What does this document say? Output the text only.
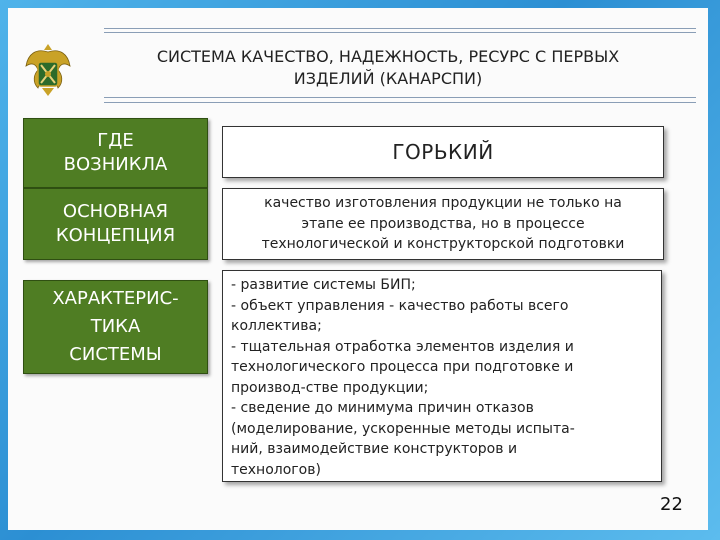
СИСТЕМА КАЧЕСТВО, НАДЕЖНОСТЬ, РЕСУРС С ПЕРВЫХ
ИЗДЕЛИЙ (КАНАРСПИ)
ГДЕ
ВОЗНИКЛА
ГОРЬКИЙ
ОСНОВНАЯ
КОНЦЕПЦИЯ
качество изготовления продукции не только на
этапе ее производства, но в процессе
технологической и конструкторской подготовки
ХАРАКТЕРИС-
ТИКА
СИСТЕМЫ
- развитие системы БИП;
- объект управления - качество работы всего
коллектива;
- тщательная отработка элементов изделия и
технологического процесса при подготовке и
производ-стве продукции;
- сведение до минимума причин отказов
(моделирование, ускоренные методы испыта-
ний, взаимодействие конструкторов и
технологов)
22
